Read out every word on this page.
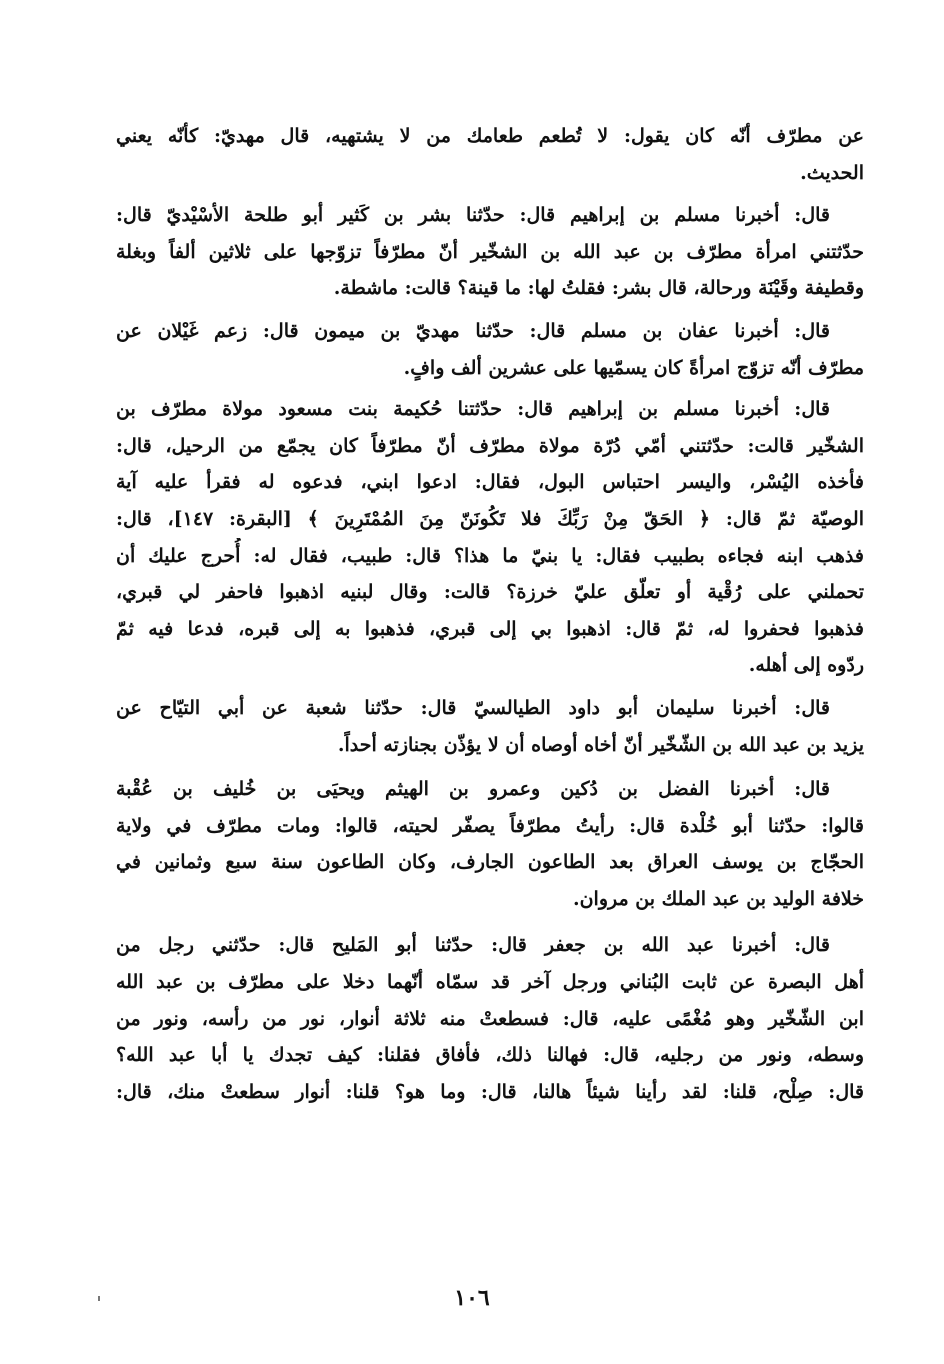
عن مطرّف أنّه كان يقول: لا تُطعم طعامك من لا يشتهيه، قال مهديّ: كأنّه يعني
الحديث.
قال: أخبرنا مسلم بن إبراهيم قال: حدّثنا بشر بن كَثير أبو طلحة الأسْيْديّ قال:
حدّثتني امرأة مطرّف بن عبد الله بن الشخّير أنّ مطرّفاً تزوّجها على ثلاثين ألفاً وبغلة
وقطيفة وقَيْنَة ورحالة، قال بشر: فقلتُ لها: ما قينة؟ قالت: ماشطة.
قال: أخبرنا عفان بن مسلم قال: حدّثنا مهديّ بن ميمون قال: زعم غَيْلان عن
مطرّف أنّه تزوّج امرأةً كان يسمّيها على عشرين ألف وافٍ.
قال: أخبرنا مسلم بن إبراهيم قال: حدّثتنا حُكيمة بنت مسعود مولاة مطرّف بن
الشخّير قالت: حدّثتني أمّي دُرّة مولاة مطرّف أنّ مطرّفاً كان يجمّع من الرحيل، قال:
فأخذه اليُسْر، واليسر احتباس البول، فقال: ادعوا ابني، فدعوه له فقرأ عليه آية
الوصيّة ثمّ قال: ﴿ الحَقّ مِنْ رَبِّكَ فلا تَكُونَنّ مِنَ المُمْتَرِينَ ﴾ [البقرة: ١٤٧]، قال:
فذهب ابنه فجاءه بطبيب فقال: يا بنيّ ما هذا؟ قال: طبيب، فقال له: أُحرج عليك أن
تحملني على رُقْية أو تعلّق عليّ خرزة؟ قالت: وقال لبنيه اذهبوا فاحفر لي قبري،
فذهبوا فحفروا له، ثمّ قال: اذهبوا بي إلى قبري، فذهبوا به إلى قبره، فدعا فيه ثمّ
ردّوه إلى أهله.
قال: أخبرنا سليمان أبو داود الطيالسيّ قال: حدّثنا شعبة عن أبي التيّاح عن
يزيد بن عبد الله بن الشّخّير أنّ أخاه أوصاه أن لا يؤذّن بجنازته أحداً.
قال: أخبرنا الفضل بن دُكين وعمرو بن الهيثم ويحيَى بن خُليف بن عُقْبة
قالوا: حدّثنا أبو خُلْدة قال: رأيتُ مطرّفاً يصفّر لحيته، قالوا: ومات مطرّف في ولاية
الحجّاج بن يوسف العراق بعد الطاعون الجارف، وكان الطاعون سنة سبع وثمانين في
خلافة الوليد بن عبد الملك بن مروان.
قال: أخبرنا عبد الله بن جعفر قال: حدّثنا أبو المَليح قال: حدّثني رجل من
أهل البصرة عن ثابت البُناني ورجل آخر قد سمّاه أنّهما دخلا على مطرّف بن عبد الله
ابن الشّخّير وهو مُغْمًى عليه، قال: فسطعتْ منه ثلاثة أنوار، نور من رأسه، ونور من
وسطه، ونور من رجليه، قال: فهالنا ذلك، فأفاق فقلنا: كيف تجدك يا أبا عبد الله؟
قال: صِلْح، قلنا: لقد رأينا شيئاً هالنا، قال: وما هو؟ قلنا: أنوار سطعتْ منك، قال:
١٠٦
